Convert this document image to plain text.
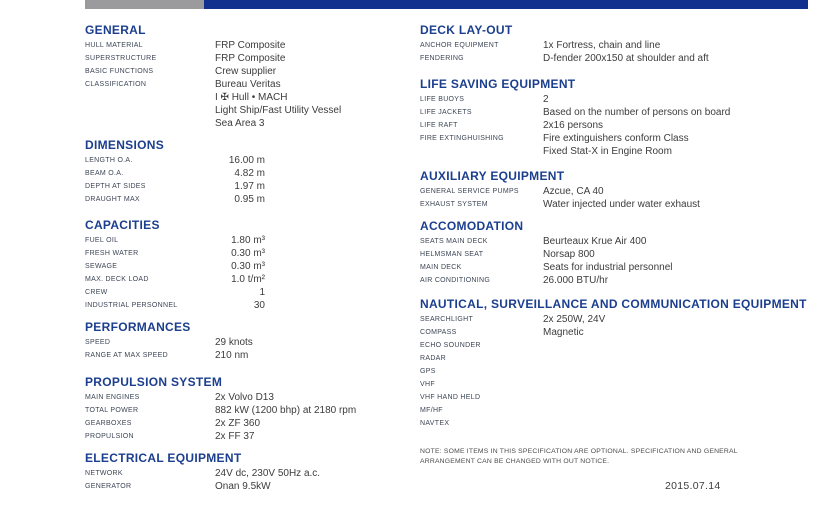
GENERAL
HULL MATERIAL	FRP Composite
SUPERSTRUCTURE	FRP Composite
BASIC FUNCTIONS	Crew supplier
CLASSIFICATION	Bureau Veritas
I ✠ Hull • MACH
Light Ship/Fast Utility Vessel
Sea Area 3
DIMENSIONS
LENGTH O.A.	16.00 m
BEAM O.A.	4.82 m
DEPTH AT SIDES	1.97 m
DRAUGHT MAX	0.95 m
CAPACITIES
FUEL OIL	1.80 m³
FRESH WATER	0.30 m³
SEWAGE	0.30 m³
MAX. DECK LOAD	1.0 t/m²
CREW	1
INDUSTRIAL PERSONNEL	30
PERFORMANCES
SPEED	29 knots
RANGE AT MAX SPEED	210 nm
PROPULSION SYSTEM
MAIN ENGINES	2x Volvo D13
TOTAL POWER	882 kW (1200 bhp) at 2180 rpm
GEARBOXES	2x ZF 360
PROPULSION	2x FF 37
ELECTRICAL EQUIPMENT
NETWORK	24V dc, 230V 50Hz a.c.
GENERATOR	Onan 9.5kW
DECK LAY-OUT
ANCHOR EQUIPMENT	1x Fortress, chain and line
FENDERING	D-fender 200x150 at shoulder and aft
LIFE SAVING EQUIPMENT
LIFE BUOYS	2
LIFE JACKETS	Based on the number of persons on board
LIFE RAFT	2x16 persons
FIRE EXTINGHUISHING	Fire extinguishers conform Class
Fixed Stat-X in Engine Room
AUXILIARY EQUIPMENT
GENERAL SERVICE PUMPS	Azcue, CA 40
EXHAUST SYSTEM	Water injected under water exhaust
ACCOMODATION
SEATS MAIN DECK	Beurteaux Krue Air 400
HELMSMAN SEAT	Norsap 800
MAIN DECK	Seats for industrial personnel
AIR CONDITIONING	26.000 BTU/hr
NAUTICAL, SURVEILLANCE AND COMMUNICATION EQUIPMENT
SEARCHLIGHT	2x 250W, 24V
COMPASS	Magnetic
ECHO SOUNDER
RADAR
GPS
VHF
VHF HAND HELD
MF/HF
NAVTEX
NOTE: SOME ITEMS IN THIS SPECIFICATION ARE OPTIONAL. SPECIFICATION AND GENERAL
ARRANGEMENT CAN BE CHANGED WITH OUT NOTICE.
2015.07.14
